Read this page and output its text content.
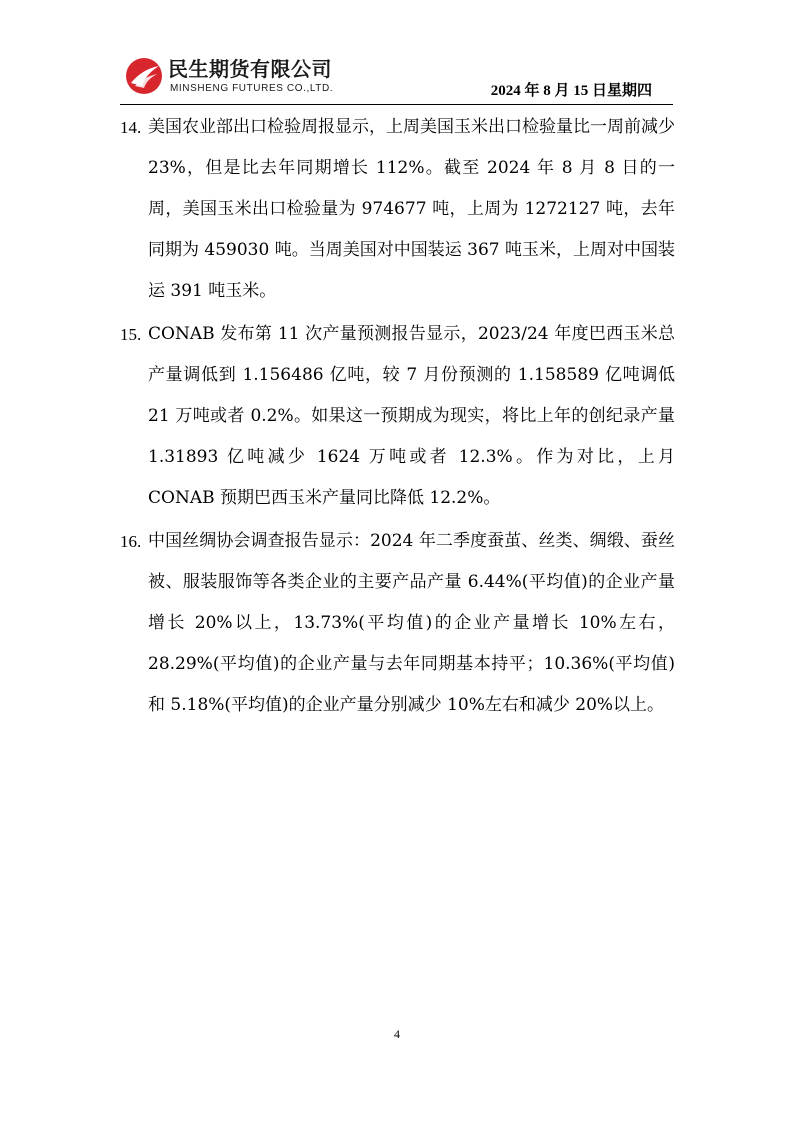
民生期货有限公司
MINSHENG FUTURES CO.,LTD.	2024 年 8 月 15 日星期四
14. 美国农业部出口检验周报显示，上周美国玉米出口检验量比一周前减少 23%，但是比去年同期增长 112%。截至 2024 年 8 月 8 日的一周，美国玉米出口检验量为 974677 吨，上周为 1272127 吨，去年同期为 459030 吨。当周美国对中国装运 367 吨玉米，上周对中国装运 391 吨玉米。
15. CONAB 发布第 11 次产量预测报告显示，2023/24 年度巴西玉米总产量调低到 1.156486 亿吨，较 7 月份预测的 1.158589 亿吨调低 21 万吨或者 0.2%。如果这一预期成为现实，将比上年的创纪录产量 1.31893 亿吨减少 1624 万吨或者 12.3%。作为对比，上月 CONAB 预期巴西玉米产量同比降低 12.2%。
16. 中国丝绸协会调查报告显示：2024 年二季度蚕茧、丝类、绸缎、蚕丝被、服装服饰等各类企业的主要产品产量 6.44%(平均值)的企业产量增长 20%以上，13.73%(平均值)的企业产量增长 10%左右，28.29%(平均值)的企业产量与去年同期基本持平；10.36%(平均值)和 5.18%(平均值)的企业产量分别减少 10%左右和减少 20%以上。
4
